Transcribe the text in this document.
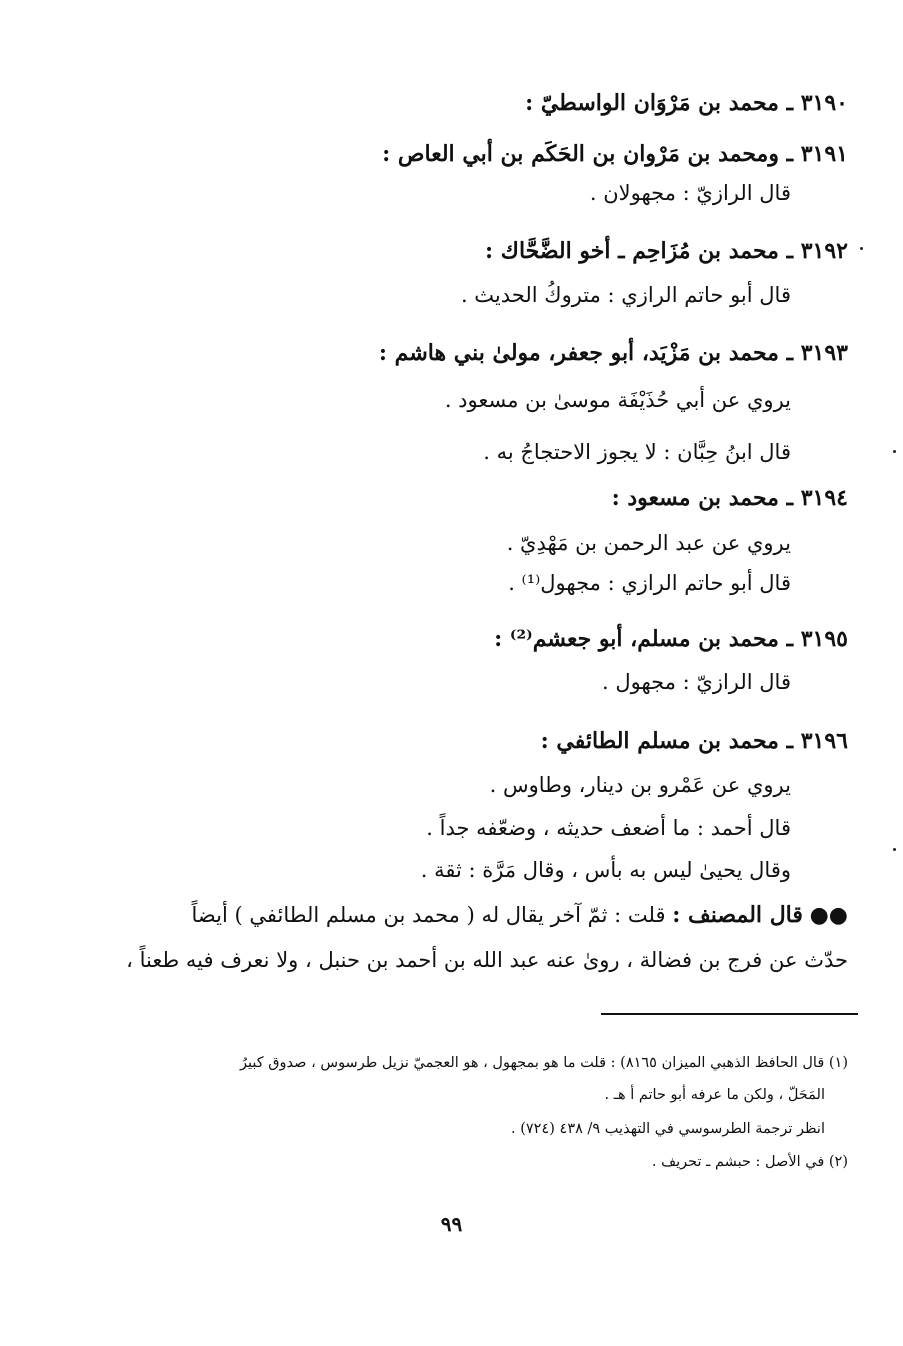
٣١٩٠ ـ محمد بن مَرْوَان الواسطيّ :
٣١٩١ ـ ومحمد بن مَرْوان بن الحَكَم بن أبي العاص :
قال الرازيّ : مجهولان .
٣١٩٢ ـ محمد بن مُزَاحِم ـ أخو الضَّحَّاك :
قال أبو حاتم الرازي : متروكُ الحديث .
٣١٩٣ ـ محمد بن مَزْيَد، أبو جعفر، مولىٰ بني هاشم :
يروي عن أبي حُذَيْفَة موسىٰ بن مسعود .
قال ابنُ حِبَّان : لا يجوز الاحتجاجُ به .
٣١٩٤ ـ محمد بن مسعود :
يروي عن عبد الرحمن بن مَهْدِيّ .
قال أبو حاتم الرازي : مجهول⁽¹⁾ .
٣١٩٥ ـ محمد بن مسلم، أبو جعشم⁽²⁾ :
قال الرازيّ : مجهول .
٣١٩٦ ـ محمد بن مسلم الطائفي :
يروي عن عَمْرو بن دينار، وطاوس .
قال أحمد : ما أضعف حديثه ، وضعّفه جداً .
وقال يحيىٰ ليس به بأس ، وقال مَرَّة : ثقة .
●● قال المصنف : قلت : ثمّ آخر يقال له ( محمد بن مسلم الطائفي ) أيضاً
حدّث عن فرج بن فضالة ، روىٰ عنه عبد الله بن أحمد بن حنبل ، ولا نعرف فيه طعناً ،
(١) قال الحافظ الذهبي الميزان ٨١٦٥) : قلت ما هو بمجهول ، هو العجميّ نزيل طرسوس ، صدوق كبيرُ
المَحَلّ ، ولكن ما عرفه أبو حاتم أ هـ .
انظر ترجمة الطرسوسي في التهذيب ٩/ ٤٣٨ (٧٢٤) .
(٢) في الأصل : حبشم ـ تحريف .
٩٩
